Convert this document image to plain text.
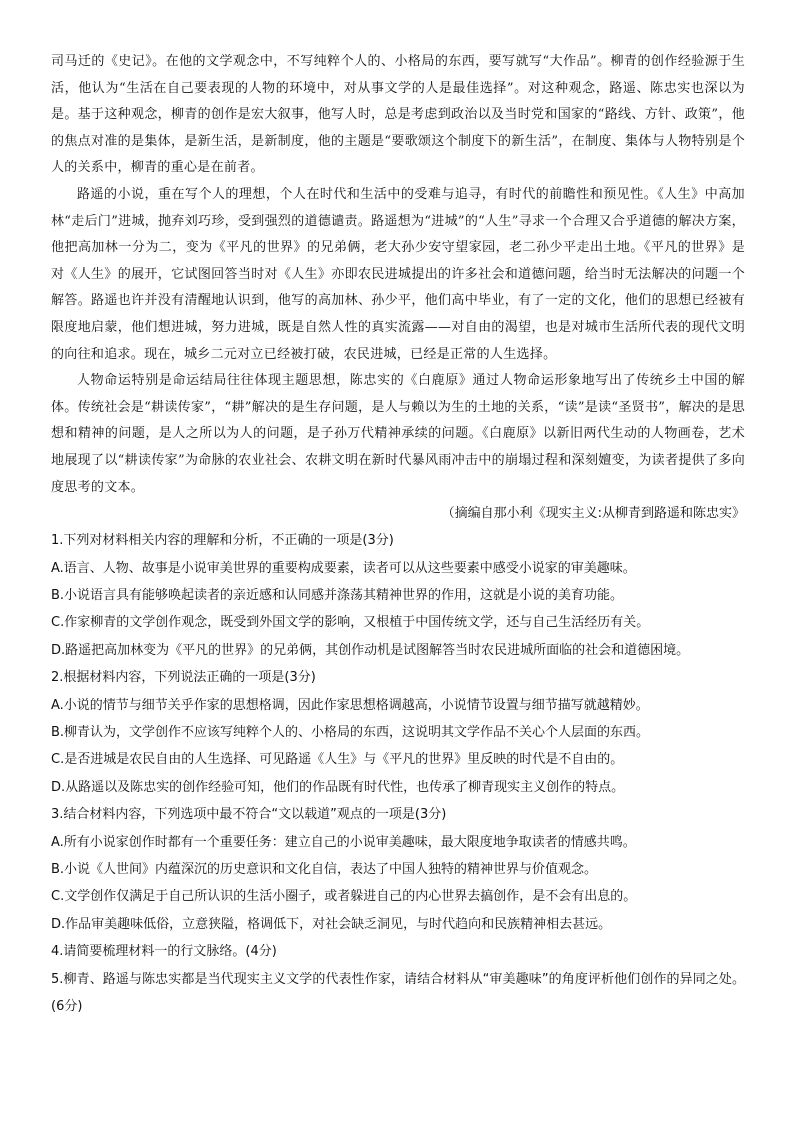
司马迁的《史记》。在他的文学观念中，不写纯粹个人的、小格局的东西，要写就写“大作品”。柳青的创作经验源于生活，他认为“生活在自己要表现的人物的环境中，对从事文学的人是最佳选择”。对这种观念，路遥、陈忠实也深以为是。基于这种观念，柳青的创作是宏大叙事，他写人时，总是考虑到政治以及当时党和国家的“路线、方针、政策”，他的焦点对准的是集体，是新生活，是新制度，他的主题是“要歌颂这个制度下的新生活”，在制度、集体与人物特别是个人的关系中，柳青的重心是在前者。

路遥的小说，重在写个人的理想，个人在时代和生活中的受难与追寻，有时代的前瞻性和预见性。《人生》中高加林“走后门”进城，抛弃刘巧珍，受到强烈的道德谴责。路遥想为“进城”的“人生”寻求一个合理又合乎道德的解决方案，他把高加林一分为二，变为《平凡的世界》的兄弟俩，老大孙少安守望家园，老二孙少平走出土地。《平凡的世界》是对《人生》的展开，它试图回答当时对《人生》亦即农民进城提出的许多社会和道德问题，给当时无法解决的问题一个解答。路遥也许并没有清醒地认识到，他写的高加林、孙少平，他们高中毕业，有了一定的文化，他们的思想已经被有限度地启蒙，他们想进城，努力进城，既是自然人性的真实流露——对自由的渴望，也是对城市生活所代表的现代文明的向往和追求。现在，城乡二元对立已经被打破，农民进城，已经是正常的人生选择。

人物命运特别是命运结局往往体现主题思想，陈忠实的《白鹿原》通过人物命运形象地写出了传统乡土中国的解体。传统社会是“耕读传家”，“耕”解决的是生存问题，是人与赖以为生的土地的关系，“读”是读“圣贤书”，解决的是思想和精神的问题，是人之所以为人的问题，是子孙万代精神承续的问题。《白鹿原》以新旧两代生动的人物画卷，艺术地展现了以“耕读传家”为命脉的农业社会、农耕文明在新时代暴风雨冲击中的崩塌过程和深刻嬗变，为读者提供了多向度思考的文本。

（摘编自那小利《现实主义:从柳青到路遥和陈忠实》

1.下列对材料相关内容的理解和分析，不正确的一项是(3分)

A.语言、人物、故事是小说审美世界的重要构成要素，读者可以从这些要素中感受小说家的审美趣味。

B.小说语言具有能够唤起读者的亲近感和认同感并涤荡其精神世界的作用，这就是小说的美育功能。

C.作家柳青的文学创作观念，既受到外国文学的影响，又根植于中国传统文学，还与自己生活经历有关。

D.路遥把高加林变为《平凡的世界》的兄弟俩，其创作动机是试图解答当时农民进城所面临的社会和道德困境。

2.根据材料内容，下列说法正确的一项是(3分)

A.小说的情节与细节关乎作家的思想格调，因此作家思想格调越高，小说情节设置与细节描写就越精妙。

B.柳青认为，文学创作不应该写纯粹个人的、小格局的东西，这说明其文学作品不关心个人层面的东西。

C.是否进城是农民自由的人生选择、可见路遥《人生》与《平凡的世界》里反映的时代是不自由的。

D.从路遥以及陈忠实的创作经验可知，他们的作品既有时代性，也传承了柳青现实主义创作的特点。

3.结合材料内容，下列选项中最不符合“文以载道”观点的一项是(3分)

A.所有小说家创作时都有一个重要任务：建立自己的小说审美趣味，最大限度地争取读者的情感共鸣。

B.小说《人世间》内蕴深沉的历史意识和文化自信，表达了中国人独特的精神世界与价值观念。

C.文学创作仅满足于自己所认识的生活小圈子，或者躲进自己的内心世界去搞创作，是不会有出息的。

D.作品审美趣味低俗，立意狭隘，格调低下，对社会缺乏洞见，与时代趋向和民族精神相去甚远。

4.请简要梳理材料一的行文脉络。(4分)

5.柳青、路遥与陈忠实都是当代现实主义文学的代表性作家，请结合材料从“审美趣味”的角度评析他们创作的异同之处。(6分)
